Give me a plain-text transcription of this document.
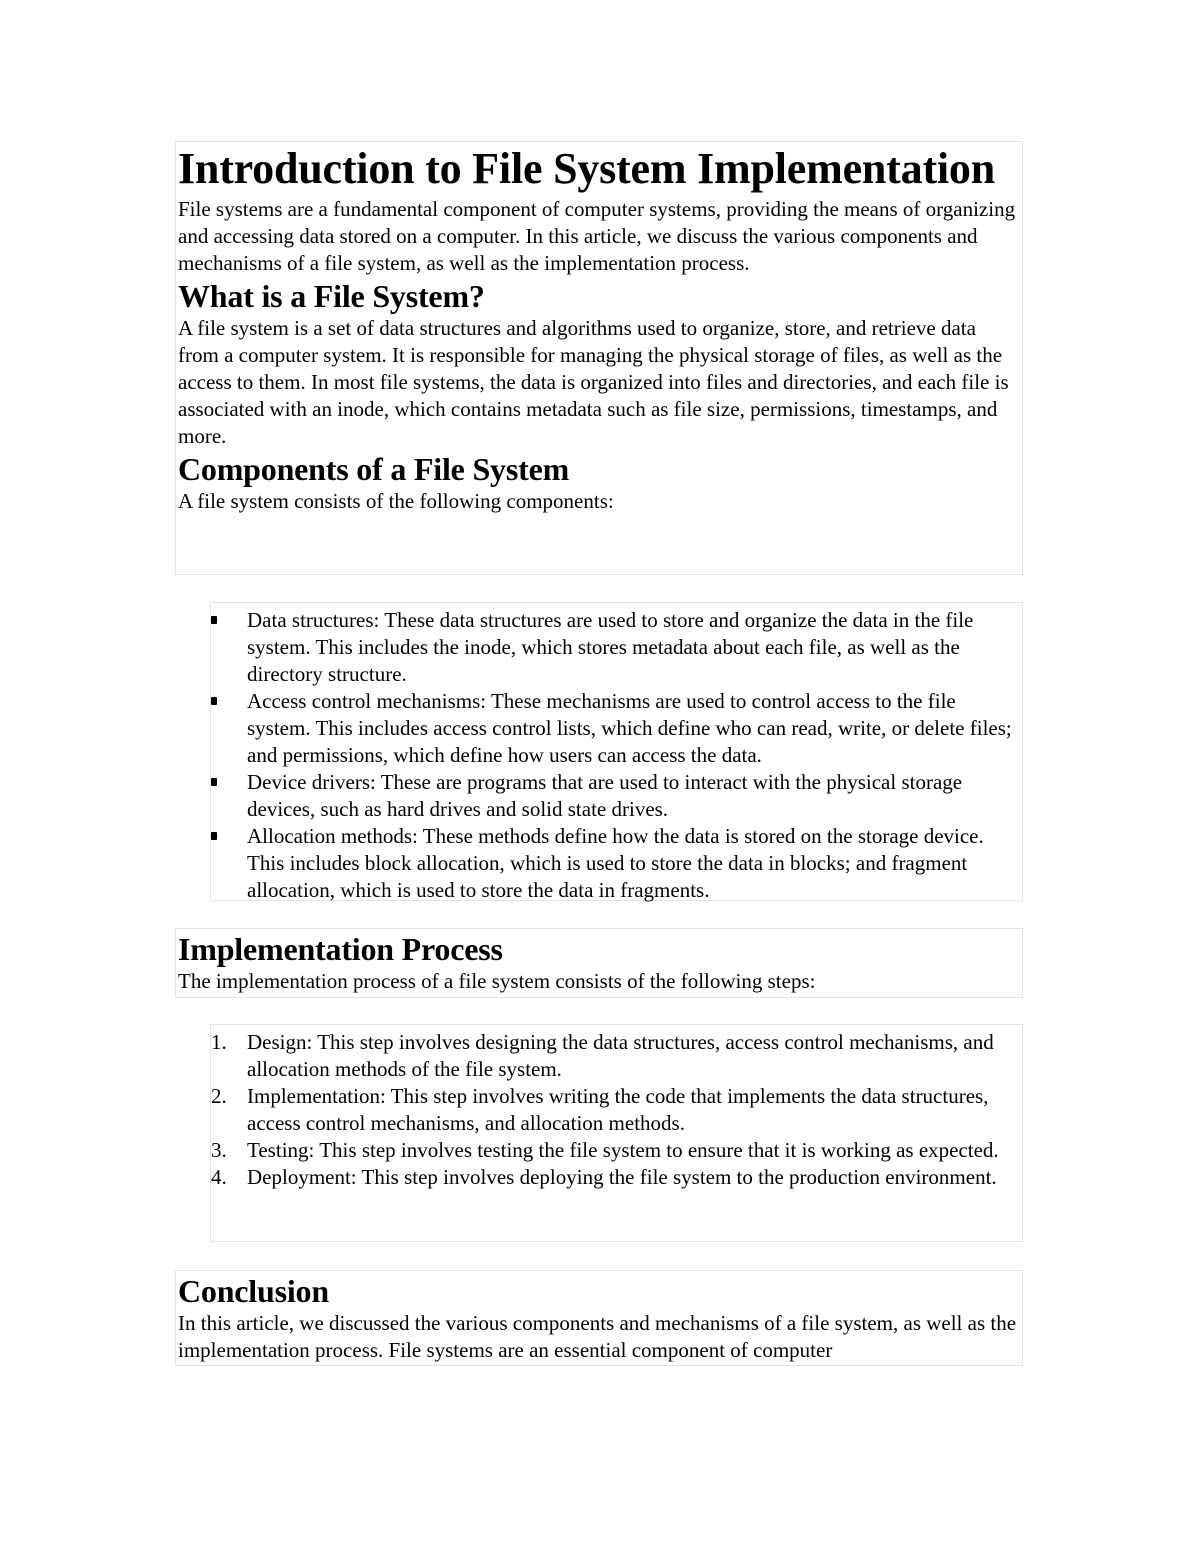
Introduction to File System Implementation

File systems are a fundamental component of computer systems, providing the means of organizing and accessing data stored on a computer. In this article, we discuss the various components and mechanisms of a file system, as well as the implementation process.

What is a File System?

A file system is a set of data structures and algorithms used to organize, store, and retrieve data from a computer system. It is responsible for managing the physical storage of files, as well as the access to them. In most file systems, the data is organized into files and directories, and each file is associated with an inode, which contains metadata such as file size, permissions, timestamps, and more.

Components of a File System

A file system consists of the following components:

Data structures: These data structures are used to store and organize the data in the file system. This includes the inode, which stores metadata about each file, as well as the directory structure.
Access control mechanisms: These mechanisms are used to control access to the file system. This includes access control lists, which define who can read, write, or delete files; and permissions, which define how users can access the data.
Device drivers: These are programs that are used to interact with the physical storage devices, such as hard drives and solid state drives.
Allocation methods: These methods define how the data is stored on the storage device. This includes block allocation, which is used to store the data in blocks; and fragment allocation, which is used to store the data in fragments.
Implementation Process

The implementation process of a file system consists of the following steps:

1. Design: This step involves designing the data structures, access control mechanisms, and allocation methods of the file system.
2. Implementation: This step involves writing the code that implements the data structures, access control mechanisms, and allocation methods.
3. Testing: This step involves testing the file system to ensure that it is working as expected.
4. Deployment: This step involves deploying the file system to the production environment.
Conclusion

In this article, we discussed the various components and mechanisms of a file system, as well as the implementation process. File systems are an essential component of computer
